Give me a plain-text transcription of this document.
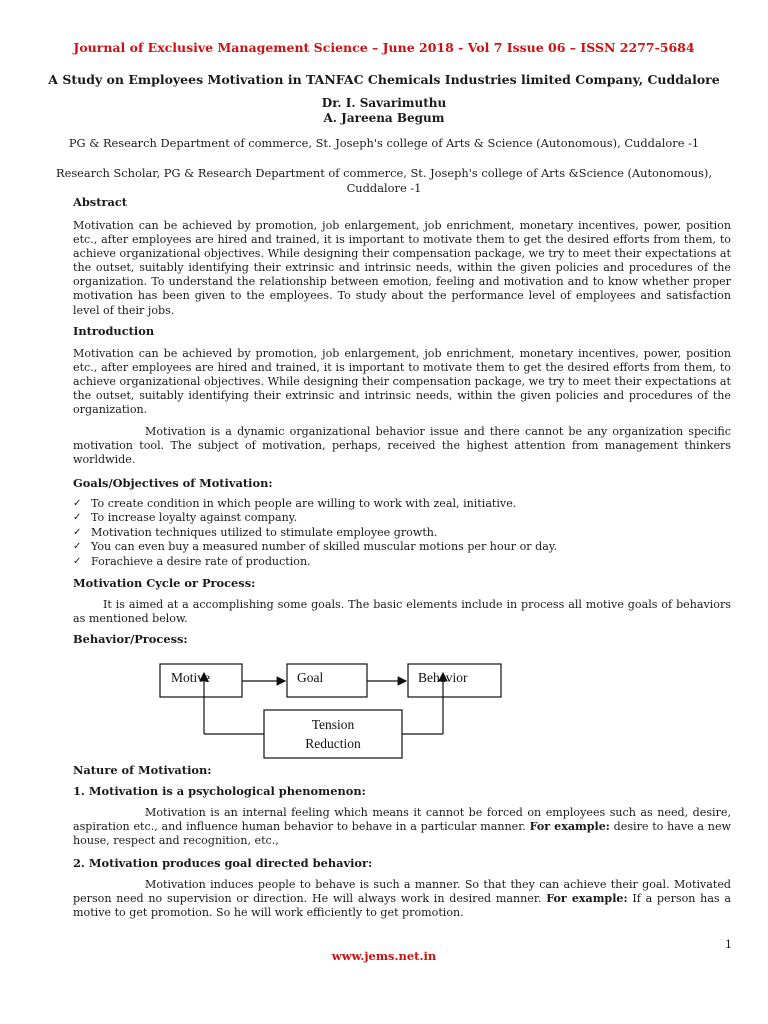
Journal of Exclusive Management Science – June 2018 - Vol 7 Issue 06 – ISSN 2277-5684
A Study on Employees Motivation in TANFAC Chemicals Industries limited Company, Cuddalore
Dr. I. Savarimuthu
A. Jareena Begum
PG & Research Department of commerce, St. Joseph's college of Arts & Science (Autonomous), Cuddalore -1
Research Scholar, PG & Research Department of commerce, St. Joseph's college of Arts &Science (Autonomous), Cuddalore -1
Abstract

Motivation can be achieved by promotion, job enlargement, job enrichment, monetary incentives, power, position etc., after employees are hired and trained, it is important to motivate them to get the desired efforts from them, to achieve organizational objectives. While designing their compensation package, we try to meet their expectations at the outset, suitably identifying their extrinsic and intrinsic needs, within the given policies and procedures of the organization. To understand the relationship between emotion, feeling and motivation and to know whether proper motivation has been given to the employees. To study about the performance level of employees and satisfaction level of their jobs.

Introduction

Motivation can be achieved by promotion, job enlargement, job enrichment, monetary incentives, power, position etc., after employees are hired and trained, it is important to motivate them to get the desired efforts from them, to achieve organizational objectives. While designing their compensation package, we try to meet their expectations at the outset, suitably identifying their extrinsic and intrinsic needs, within the given policies and procedures of the organization.

Motivation is a dynamic organizational behavior issue and there cannot be any organization specific motivation tool. The subject of motivation, perhaps, received the highest attention from management thinkers worldwide.

Goals/Objectives of Motivation:
✓ To create condition in which people are willing to work with zeal, initiative.
✓ To increase loyalty against company.
✓ Motivation techniques utilized to stimulate employee growth.
✓ You can even buy a measured number of skilled muscular motions per hour or day.
✓ Forachieve a desire rate of production.
Motivation Cycle or Process:

It is aimed at a accomplishing some goals. The basic elements include in process all motive goals of behaviors as mentioned below.

Behavior/Process:
Motive	Goal	Behavior
Tension
Reduction
Nature of Motivation:
1. Motivation is a psychological phenomenon:

Motivation is an internal feeling which means it cannot be forced on employees such as need, desire, aspiration etc., and influence human behavior to behave in a particular manner. For example: desire to have a new house, respect and recognition, etc.,

2. Motivation produces goal directed behavior:

Motivation induces people to behave is such a manner. So that they can achieve their goal. Motivated person need no supervision or direction. He will always work in desired manner. For example: If a person has a motive to get promotion. So he will work efficiently to get promotion.

1
www.jems.net.in
